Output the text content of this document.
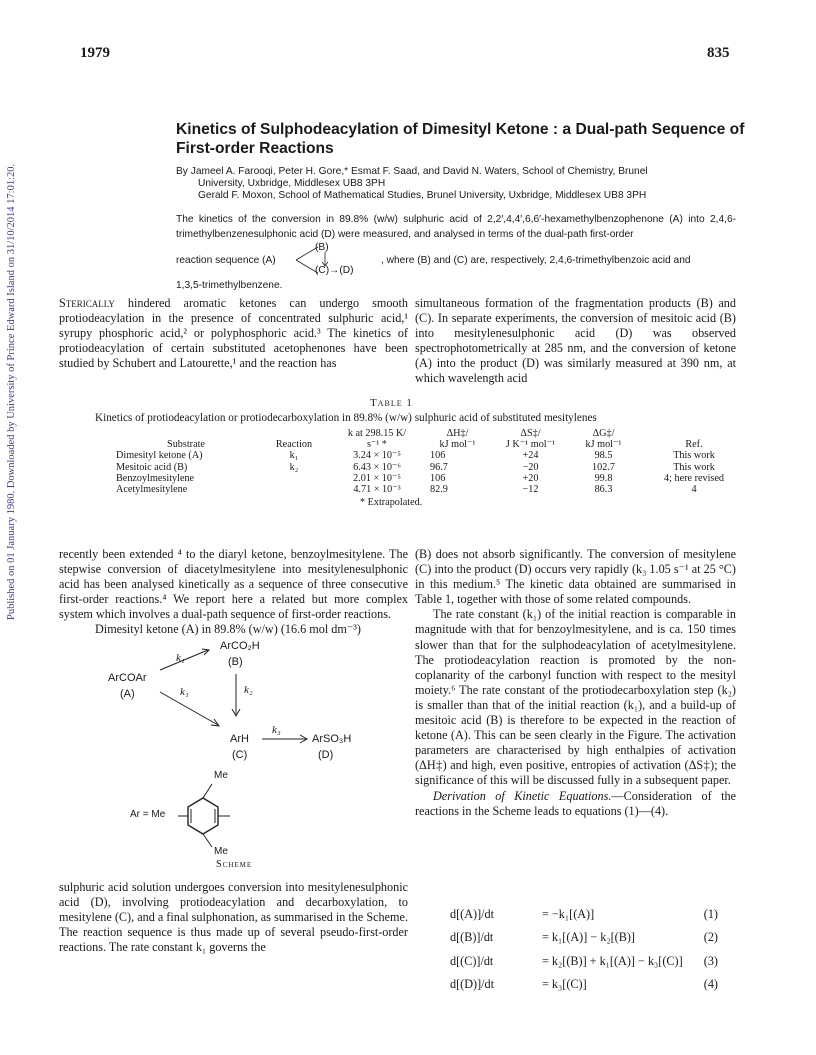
1979	835
Published on 01 January 1980. Downloaded by University of Prince Edward Island on 31/10/2014 17:01:20.
Kinetics of Sulphodeacylation of Dimesityl Ketone : a Dual-path Sequence of First-order Reactions
By Jameel A. Farooqi, Peter H. Gore,* Esmat F. Saad, and David N. Waters, School of Chemistry, Brunel
University, Uxbridge, Middlesex UB8 3PH
Gerald F. Moxon, School of Mathematical Studies, Brunel University, Uxbridge, Middlesex UB8 3PH
The kinetics of the conversion in 89.8% (w/w) sulphuric acid of 2,2′,4,4′,6,6′-hexamethylbenzophenone (A) into 2,4,6-trimethylbenzenesulphonic acid (D) were measured, and analysed in terms of the dual-path first-order
reaction sequence (A)
(B)
(C)→(D)
, where (B) and (C) are, respectively, 2,4,6-trimethylbenzoic acid and
1,3,5-trimethylbenzene.
Sterically hindered aromatic ketones can undergo smooth protiodeacylation in the presence of concentrated sulphuric acid,¹ syrupy phosphoric acid,² or polyphosphoric acid.³ The kinetics of protiodeacylation of certain substituted acetophenones have been studied by Schubert and Latourette,¹ and the reaction has
simultaneous formation of the fragmentation products (B) and (C). In separate experiments, the conversion of mesitoic acid (B) into mesitylenesulphonic acid (D) was observed spectrophotometrically at 285 nm, and the conversion of ketone (A) into the product (D) was similarly measured at 390 nm, at which wavelength acid
Table 1
Kinetics of protiodeacylation or protiodecarboxylation in 89.8% (w/w) sulphuric acid of substituted mesitylenes
		k at 298.15 K/	ΔH‡/	ΔS‡/	ΔG‡/	
Substrate	Reaction	s⁻¹ *	kJ mol⁻¹	J K⁻¹ mol⁻¹	kJ mol⁻¹	Ref.
Dimesityl ketone (A)	k₁	3.24 × 10⁻⁵	106	+24	98.5	This work
Mesitoic acid (B)	k₂	6.43 × 10⁻⁶	96.7	−20	102.7	This work
Benzoylmesitylene		2.01 × 10⁻⁵	106	+20	99.8	4; here revised
Acetylmesitylene		4.71 × 10⁻³	82.9	−12	86.3	4
* Extrapolated.
recently been extended ⁴ to the diaryl ketone, benzoylmesitylene. The stepwise conversion of diacetylmesitylene into mesitylenesulphonic acid has been analysed kinetically as a sequence of three consecutive first-order reactions.⁴ We report here a related but more complex system which involves a dual-path sequence of first-order reactions.
Dimesityl ketone (A) in 89.8% (w/w) (16.6 mol dm⁻³)
ArCO₂H
(B)
ArCOAr
(A)
k₁
k₁	k₂
k₃
ArH
(C)
ArSO₃H
(D)
Me
Ar = Me
Me
Scheme
sulphuric acid solution undergoes conversion into mesitylenesulphonic acid (D), involving protiodeacylation and decarboxylation, to mesitylene (C), and a final sulphonation, as summarised in the Scheme. The reaction sequence is thus made up of several pseudo-first-order reactions. The rate constant k₁ governs the
(B) does not absorb significantly. The conversion of mesitylene (C) into the product (D) occurs very rapidly (k₃ 1.05 s⁻¹ at 25 °C) in this medium.⁵ The kinetic data obtained are summarised in Table 1, together with those of some related compounds.
The rate constant (k₁) of the initial reaction is comparable in magnitude with that for benzoylmesitylene, and is ca. 150 times slower than that for the sulphodeacylation of acetylmesitylene. The protiodeacylation reaction is promoted by the non-coplanarity of the carbonyl function with respect to the mesityl moiety.⁶ The rate constant of the protiodecarboxylation step (k₂) is smaller than that of the initial reaction (k₁), and a build-up of mesitoic acid (B) is therefore to be expected in the reaction of ketone (A). This can be seen clearly in the Figure. The activation parameters are characterised by high enthalpies of activation (ΔH‡) and high, even positive, entropies of activation (ΔS‡); the significance of this will be discussed fully in a subsequent paper.
Derivation of Kinetic Equations.—Consideration of the reactions in the Scheme leads to equations (1)—(4).
d[(A)]/dt	= −k₁[(A)]	(1)
d[(B)]/dt	= k₁[(A)] − k₂[(B)]	(2)
d[(C)]/dt	= k₂[(B)] + k₁[(A)] − k₃[(C)] (3)
d[(D)]/dt	= k₃[(C)]	(4)
